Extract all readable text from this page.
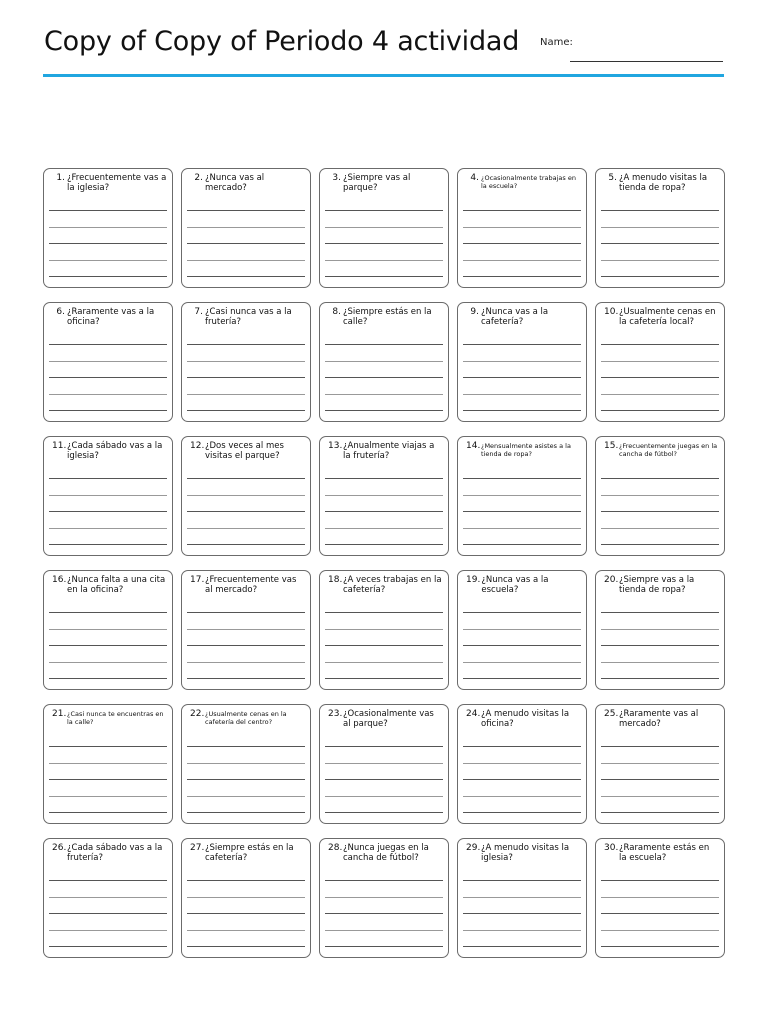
Copy of Copy of Periodo 4 actividad Name:
1. ¿Frecuentemente vas a la iglesia?
2. ¿Nunca vas al mercado?
3. ¿Siempre vas al parque?
4. ¿Ocasionalmente trabajas en la escuela?
5. ¿A menudo visitas la tienda de ropa?
6. ¿Raramente vas a la oficina?
7. ¿Casi nunca vas a la frutería?
8. ¿Siempre estás en la calle?
9. ¿Nunca vas a la cafetería?
10. ¿Usualmente cenas en la cafetería local?
11. ¿Cada sábado vas a la iglesia?
12. ¿Dos veces al mes visitas el parque?
13. ¿Anualmente viajas a la frutería?
14. ¿Mensualmente asistes a la tienda de ropa?
15. ¿Frecuentemente juegas en la cancha de fútbol?
16. ¿Nunca falta a una cita en la oficina?
17. ¿Frecuentemente vas al mercado?
18. ¿A veces trabajas en la cafetería?
19. ¿Nunca vas a la escuela?
20. ¿Siempre vas a la tienda de ropa?
21. ¿Casi nunca te encuentras en la calle?
22. ¿Usualmente cenas en la cafetería del centro?
23. ¿Ocasionalmente vas al parque?
24. ¿A menudo visitas la oficina?
25. ¿Raramente vas al mercado?
26. ¿Cada sábado vas a la frutería?
27. ¿Siempre estás en la cafetería?
28. ¿Nunca juegas en la cancha de fútbol?
29. ¿A menudo visitas la iglesia?
30. ¿Raramente estás en la escuela?
